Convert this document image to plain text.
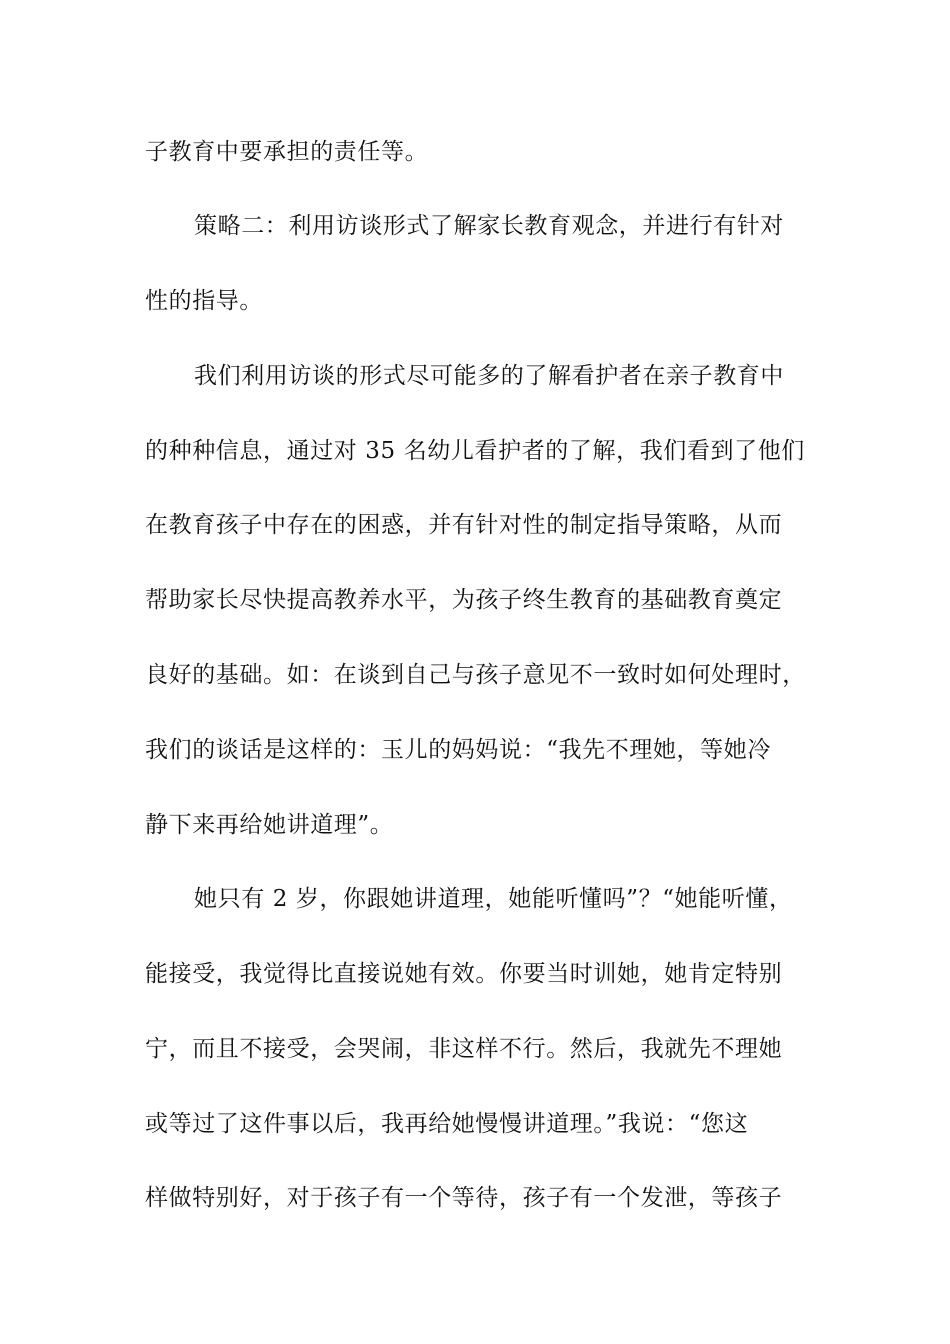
子教育中要承担的责任等。
策略二：利用访谈形式了解家长教育观念，并进行有针对
性的指导。
我们利用访谈的形式尽可能多的了解看护者在亲子教育中
的种种信息，通过对 35 名幼儿看护者的了解，我们看到了他们
在教育孩子中存在的困惑，并有针对性的制定指导策略，从而
帮助家长尽快提高教养水平，为孩子终生教育的基础教育奠定
良好的基础。如：在谈到自己与孩子意见不一致时如何处理时，
我们的谈话是这样的：玉儿的妈妈说：“我先不理她，等她冷
静下来再给她讲道理”。
她只有 2 岁，你跟她讲道理，她能听懂吗”？“她能听懂，
能接受，我觉得比直接说她有效。你要当时训她，她肯定特别
宁，而且不接受，会哭闹，非这样不行。然后，我就先不理她
或等过了这件事以后，我再给她慢慢讲道理。”我说：“您这
样做特别好，对于孩子有一个等待，孩子有一个发泄，等孩子
